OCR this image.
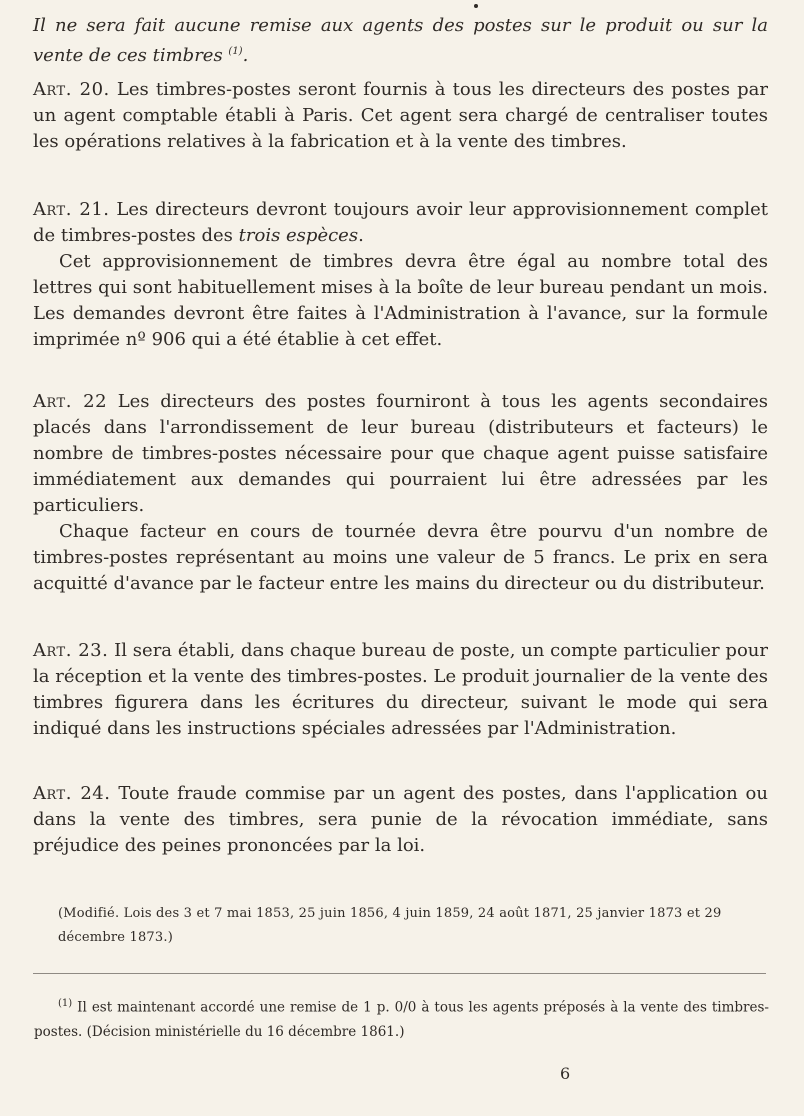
Il ne sera fait aucune remise aux agents des postes sur le produit ou sur la vente de ces timbres $^{(1)}$.
Art. 20. Les timbres-postes seront fournis à tous les directeurs des postes par un agent comptable établi à Paris. Cet agent sera chargé de centraliser toutes les opérations relatives à la fabrication et à la vente des timbres.
Art. 21. Les directeurs devront toujours avoir leur approvisionnement complet de timbres-postes des trois espèces.
Cet approvisionnement de timbres devra être égal au nombre total des lettres qui sont habituellement mises à la boîte de leur bureau pendant un mois. Les demandes devront être faites à l'Administration à l'avance, sur la formule imprimée nº 906 qui a été établie à cet effet.
Art. 22 Les directeurs des postes fourniront à tous les agents secondaires placés dans l'arrondissement de leur bureau (distributeurs et facteurs) le nombre de timbres-postes nécessaire pour que chaque agent puisse satisfaire immédiatement aux demandes qui pourraient lui être adressées par les particuliers.
Chaque facteur en cours de tournée devra être pourvu d'un nombre de timbres-postes représentant au moins une valeur de 5 francs. Le prix en sera acquitté d'avance par le facteur entre les mains du directeur ou du distributeur.
Art. 23. Il sera établi, dans chaque bureau de poste, un compte particulier pour la réception et la vente des timbres-postes. Le produit journalier de la vente des timbres figurera dans les écritures du directeur, suivant le mode qui sera indiqué dans les instructions spéciales adressées par l'Administration.
Art. 24. Toute fraude commise par un agent des postes, dans l'application ou dans la vente des timbres, sera punie de la révocation immédiate, sans préjudice des peines prononcées par la loi.
(Modifié. Lois des 3 et 7 mai 1853, 25 juin 1856, 4 juin 1859, 24 août 1871, 25 janvier 1873 et 29 décembre 1873.)
$^{(1)}$ Il est maintenant accordé une remise de 1 p. 0/0 à tous les agents préposés à la vente des timbres-postes. (Décision ministérielle du 16 décembre 1861.)
6
